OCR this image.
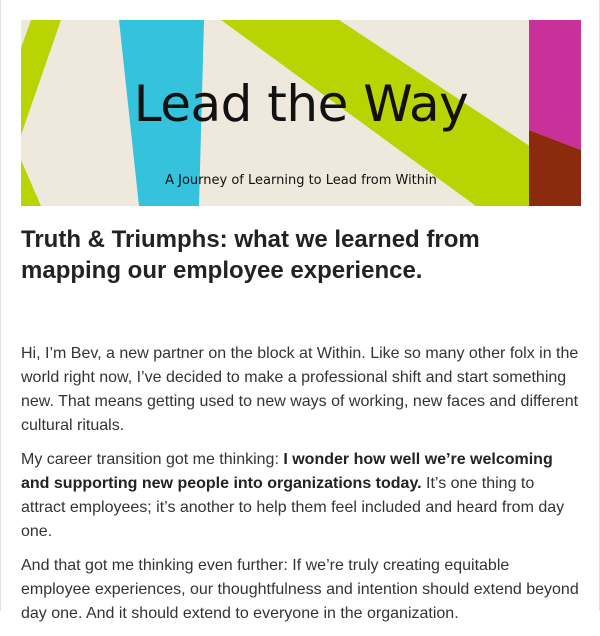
Lead the Way
A Journey of Learning to Lead from Within
Truth & Triumphs: what we learned from mapping our employee experience.

Hi, I’m Bev, a new partner on the block at Within. Like so many other folx in the world right now, I’ve decided to make a professional shift and start something new. That means getting used to new ways of working, new faces and different cultural rituals.

My career transition got me thinking: I wonder how well we’re welcoming and supporting new people into organizations today. It’s one thing to attract employees; it’s another to help them feel included and heard from day one.

And that got me thinking even further: If we’re truly creating equitable employee experiences, our thoughtfulness and intention should extend beyond day one. And it should extend to everyone in the organization.
